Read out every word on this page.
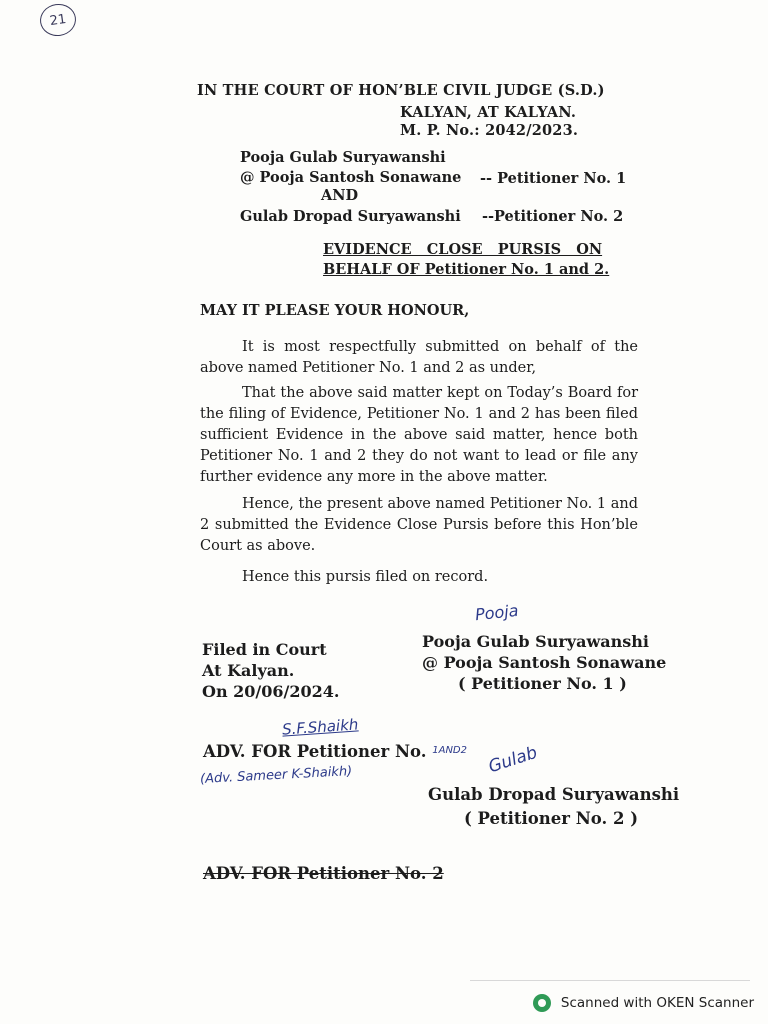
21
IN THE COURT OF HON’BLE CIVIL JUDGE (S.D.)
KALYAN, AT KALYAN.
M. P. No.: 2042/2023.
Pooja Gulab Suryawanshi
@ Pooja Santosh Sonawane -- Petitioner No. 1
AND
Gulab Dropad Suryawanshi --Petitioner No. 2
EVIDENCE   CLOSE   PURSIS   ON
BEHALF OF Petitioner No. 1 and 2.
MAY IT PLEASE YOUR HONOUR,
It is most respectfully submitted on behalf of the above named Petitioner No. 1 and 2 as under,
That the above said matter kept on Today’s Board for the filing of Evidence, Petitioner No. 1 and 2 has been filed sufficient Evidence in the above said matter, hence both Petitioner No. 1 and 2 they do not want to lead or file any further evidence any more in the above matter.
Hence, the present above named Petitioner No. 1 and 2 submitted the Evidence Close Pursis before this Hon’ble Court as above.
Hence this pursis filed on record.
Filed in Court
At Kalyan.
On 20/06/2024.
Pooja
Pooja Gulab Suryawanshi
@ Pooja Santosh Sonawane
( Petitioner No. 1 )
S.F.Shaikh
ADV. FOR Petitioner No. $^{1AND2}$
(Adv. Sameer K-Shaikh)	Gulab
Gulab Dropad Suryawanshi
( Petitioner No. 2 )
ADV. FOR Petitioner No. 2
Scanned with OKEN Scanner
